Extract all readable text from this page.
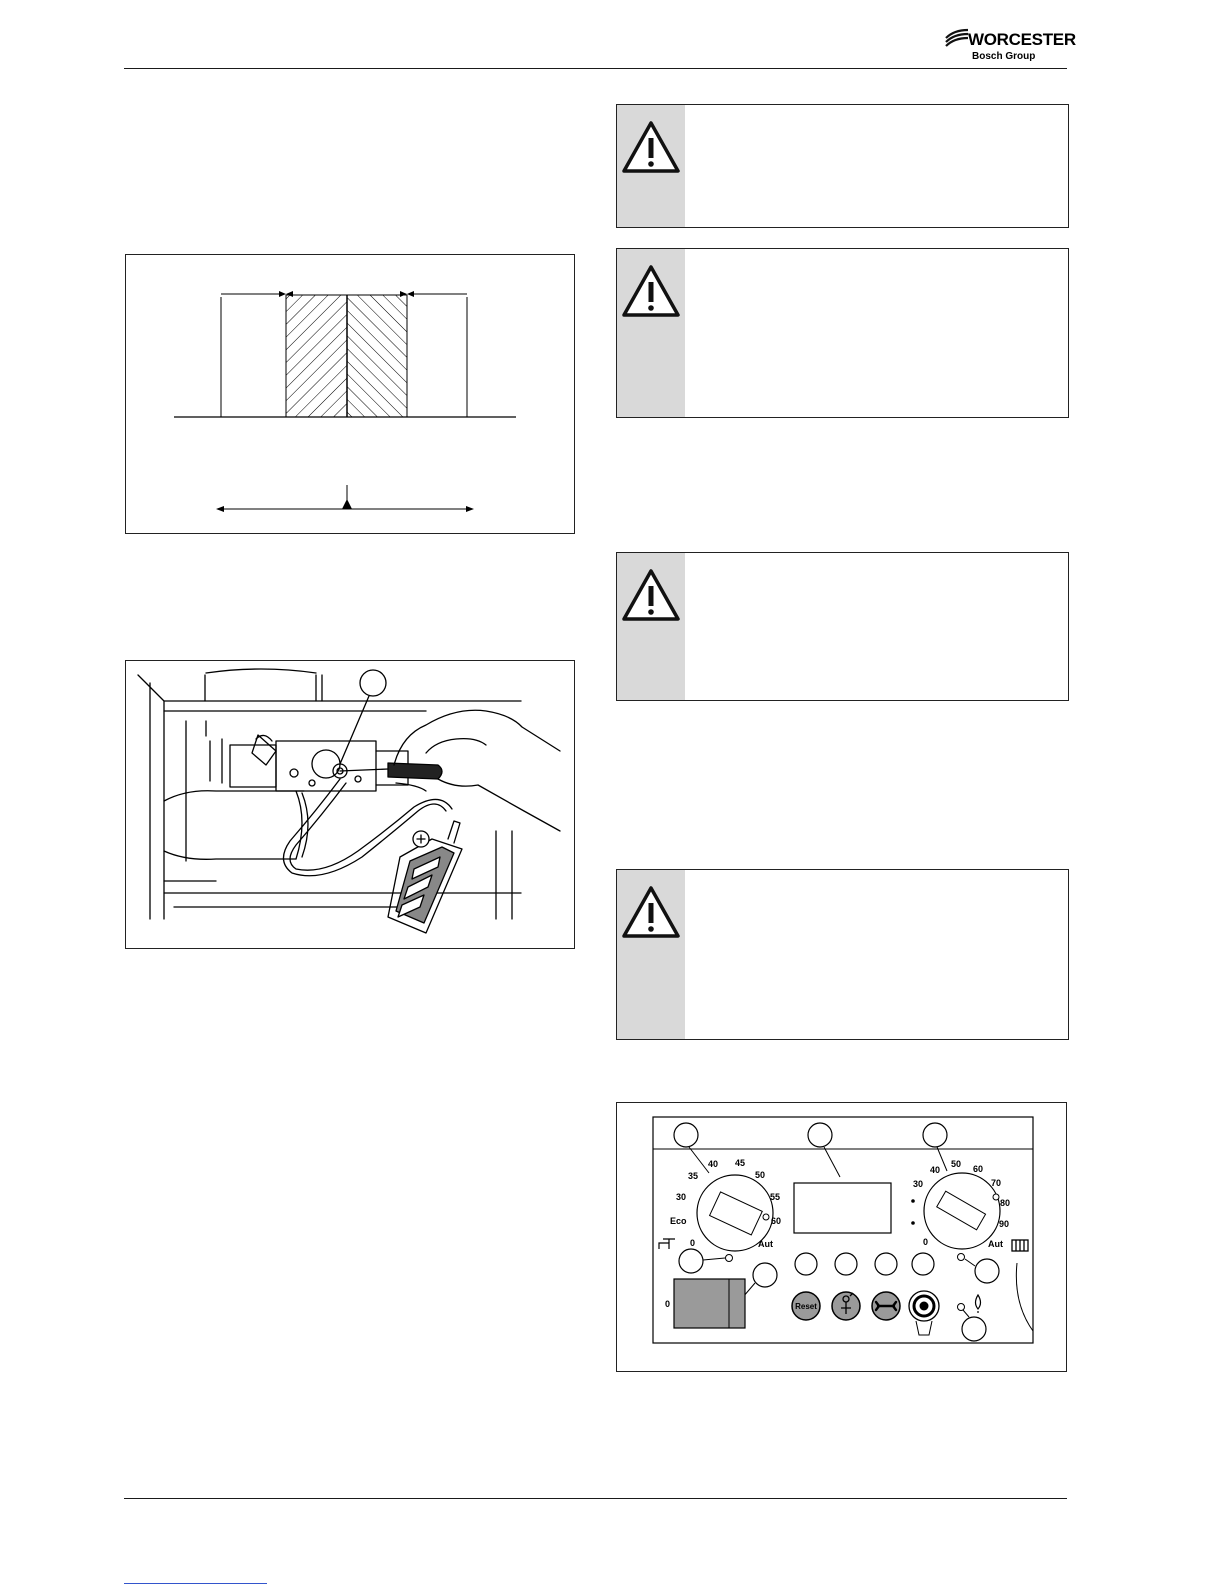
WORCESTER
Bosch Group
35
40 45
50
30	55
Eco	60
0	Aut
40
50 60
30	70
80
90
0	Aut
0	Reset
